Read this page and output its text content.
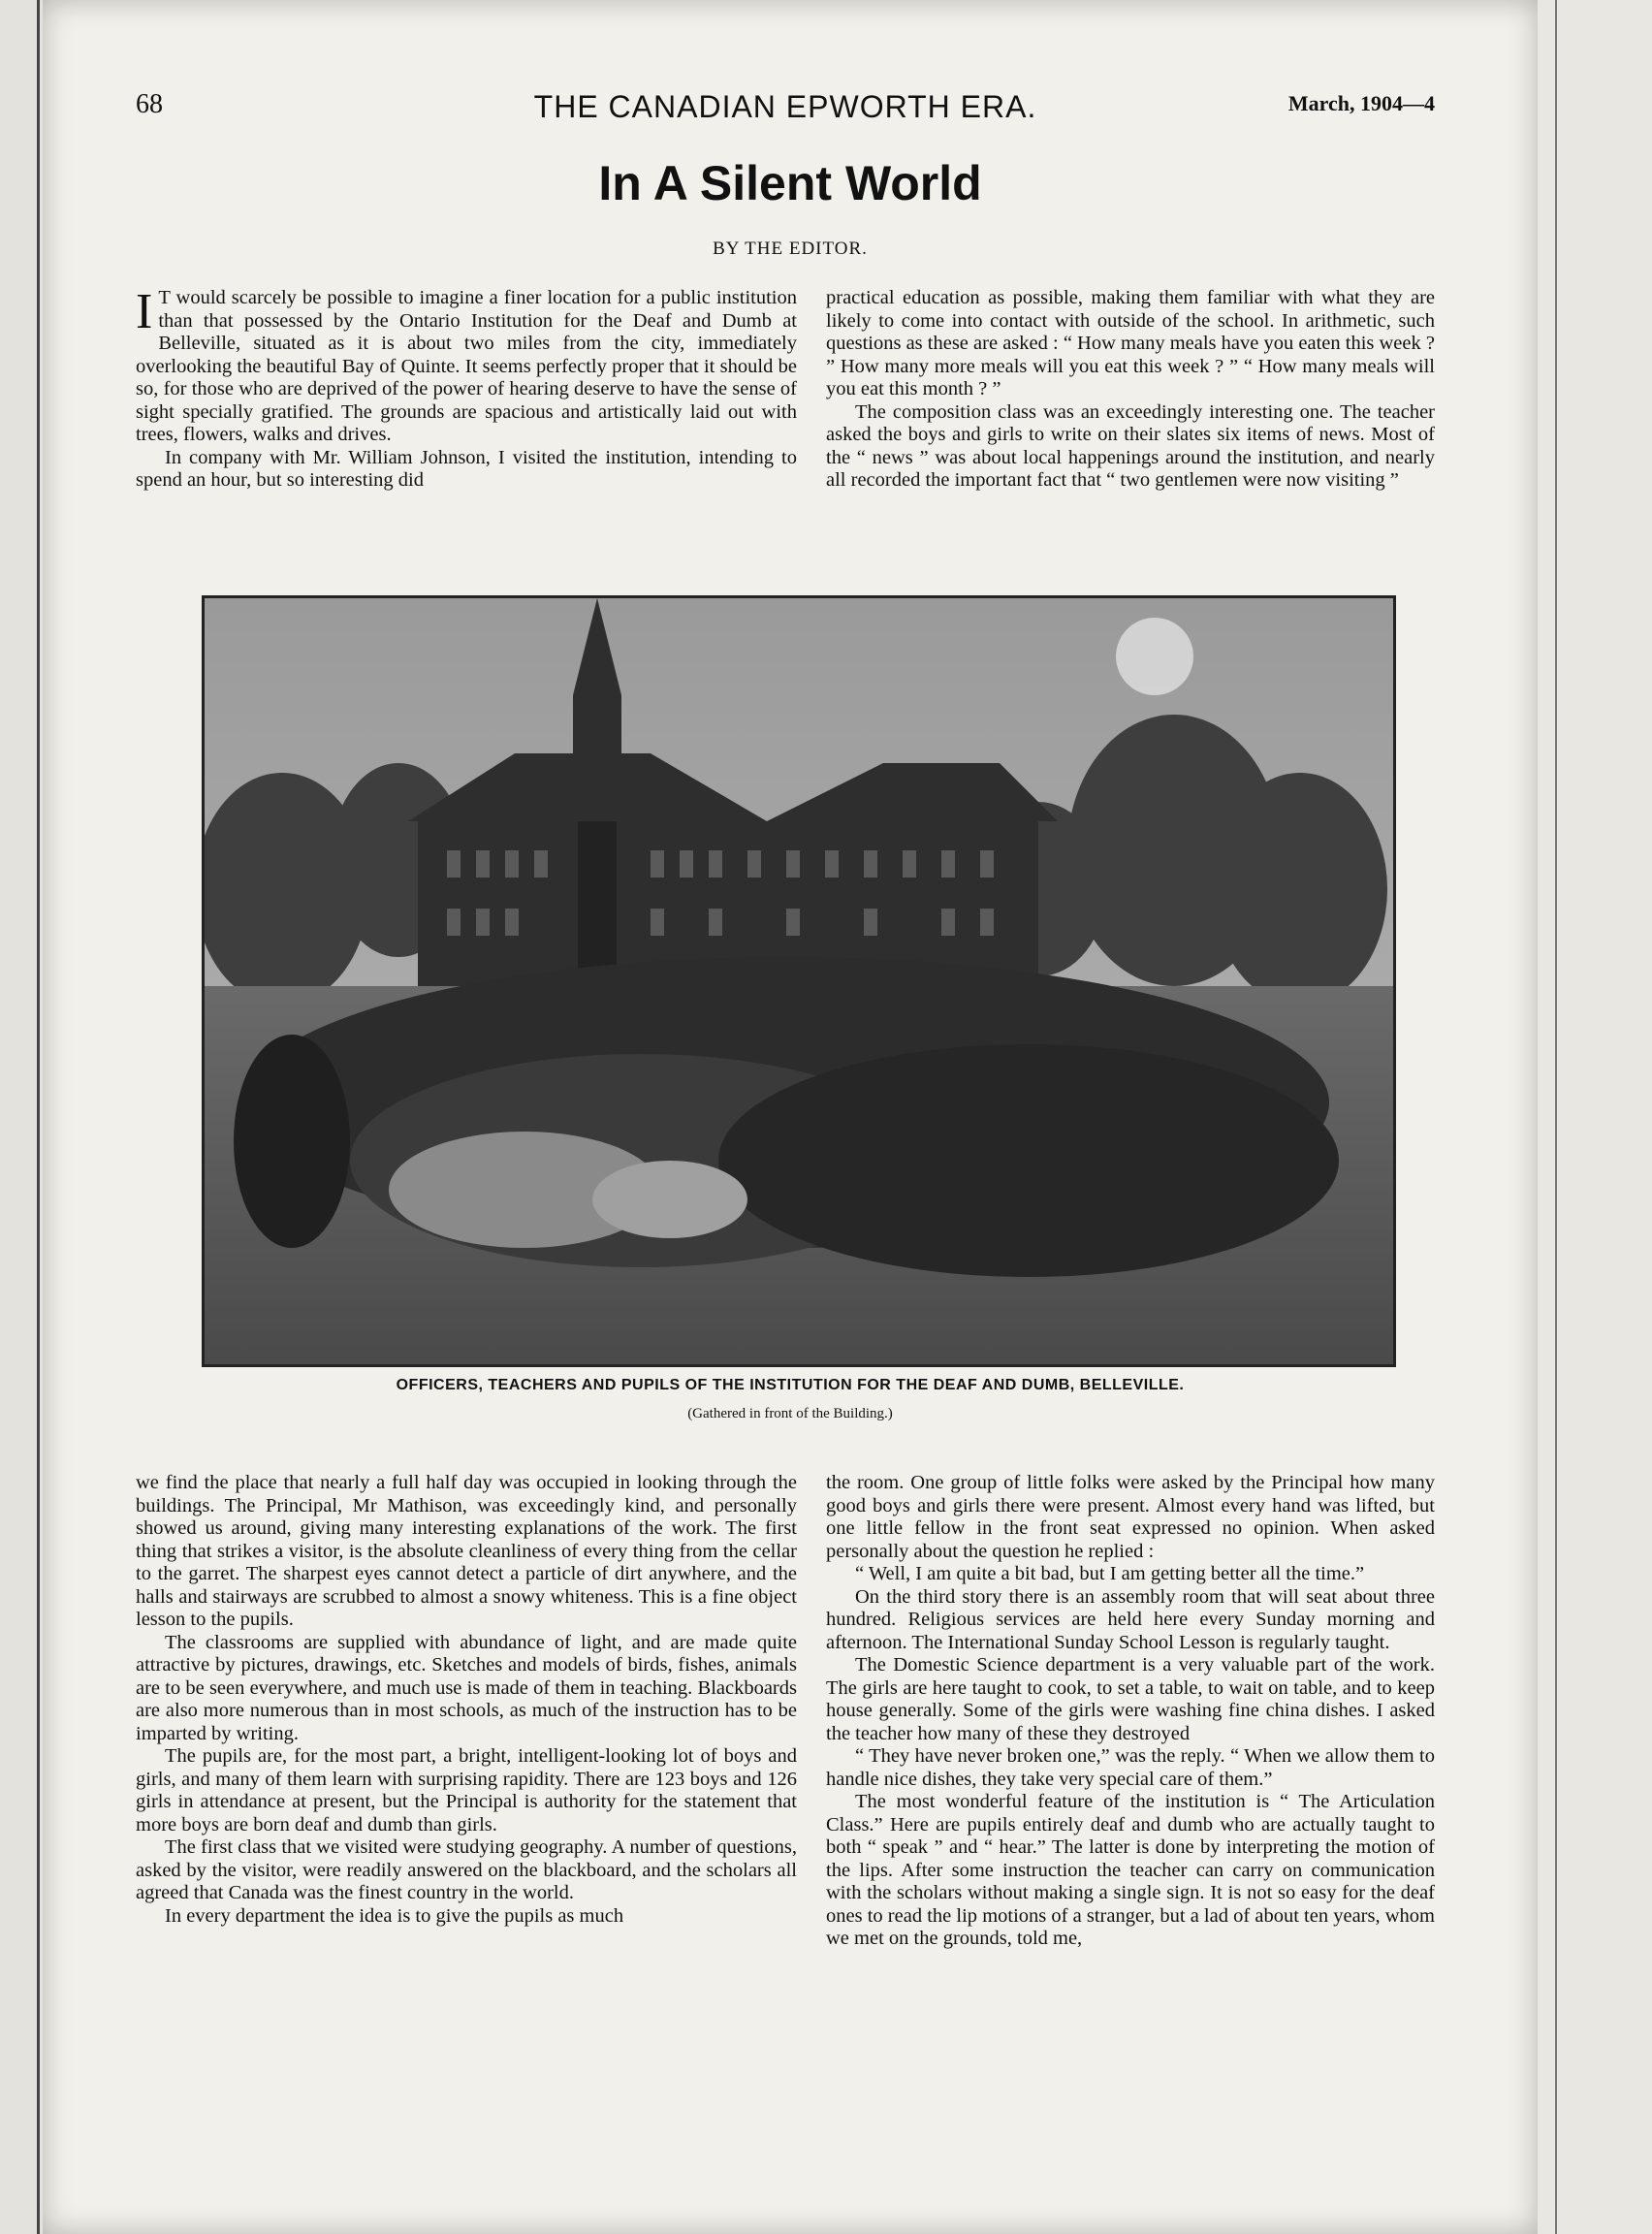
68	THE CANADIAN EPWORTH ERA.	March, 1904—4
In A Silent World
BY THE EDITOR.

I T would scarcely be possible to imagine a finer location for a public institution than that possessed by the Ontario Institution for the Deaf and Dumb at Belleville, situated as it is about two miles from the city, immediately overlooking the beautiful Bay of Quinte. It seems perfectly proper that it should be so, for those who are deprived of the power of hearing deserve to have the sense of sight specially gratified. The grounds are spacious and artistically laid out with trees, flowers, walks and drives.

In company with Mr. William Johnson, I visited the institution, intending to spend an hour, but so interesting did

practical education as possible, making them familiar with what they are likely to come into contact with outside of the school. In arithmetic, such questions as these are asked : “ How many meals have you eaten this week ? ” How many more meals will you eat this week ? ” “ How many meals will you eat this month ? ”

The composition class was an exceedingly interesting one. The teacher asked the boys and girls to write on their slates six items of news. Most of the “ news ” was about local happenings around the institution, and nearly all recorded the important fact that “ two gentlemen were now visiting ”

OFFICERS, TEACHERS AND PUPILS OF THE INSTITUTION FOR THE DEAF AND DUMB, BELLEVILLE.
(Gathered in front of the Building.)

we find the place that nearly a full half day was occupied in looking through the buildings. The Principal, Mr Mathison, was exceedingly kind, and personally showed us around, giving many interesting explanations of the work. The first thing that strikes a visitor, is the absolute cleanliness of every thing from the cellar to the garret. The sharpest eyes cannot detect a particle of dirt anywhere, and the halls and stairways are scrubbed to almost a snowy whiteness. This is a fine object lesson to the pupils.

The classrooms are supplied with abundance of light, and are made quite attractive by pictures, drawings, etc. Sketches and models of birds, fishes, animals are to be seen everywhere, and much use is made of them in teaching. Blackboards are also more numerous than in most schools, as much of the instruction has to be imparted by writing.

The pupils are, for the most part, a bright, intelligent-looking lot of boys and girls, and many of them learn with surprising rapidity. There are 123 boys and 126 girls in attendance at present, but the Principal is authority for the statement that more boys are born deaf and dumb than girls.

The first class that we visited were studying geography. A number of questions, asked by the visitor, were readily answered on the blackboard, and the scholars all agreed that Canada was the finest country in the world.

In every department the idea is to give the pupils as much

the room. One group of little folks were asked by the Principal how many good boys and girls there were present. Almost every hand was lifted, but one little fellow in the front seat expressed no opinion. When asked personally about the question he replied :

“ Well, I am quite a bit bad, but I am getting better all the time.”

On the third story there is an assembly room that will seat about three hundred. Religious services are held here every Sunday morning and afternoon. The International Sunday School Lesson is regularly taught.

The Domestic Science department is a very valuable part of the work. The girls are here taught to cook, to set a table, to wait on table, and to keep house generally. Some of the girls were washing fine china dishes. I asked the teacher how many of these they destroyed

“ They have never broken one,” was the reply. “ When we allow them to handle nice dishes, they take very special care of them.”

The most wonderful feature of the institution is “ The Articulation Class.” Here are pupils entirely deaf and dumb who are actually taught to both “ speak ” and “ hear.” The latter is done by interpreting the motion of the lips. After some instruction the teacher can carry on communication with the scholars without making a single sign. It is not so easy for the deaf ones to read the lip motions of a stranger, but a lad of about ten years, whom we met on the grounds, told me,
